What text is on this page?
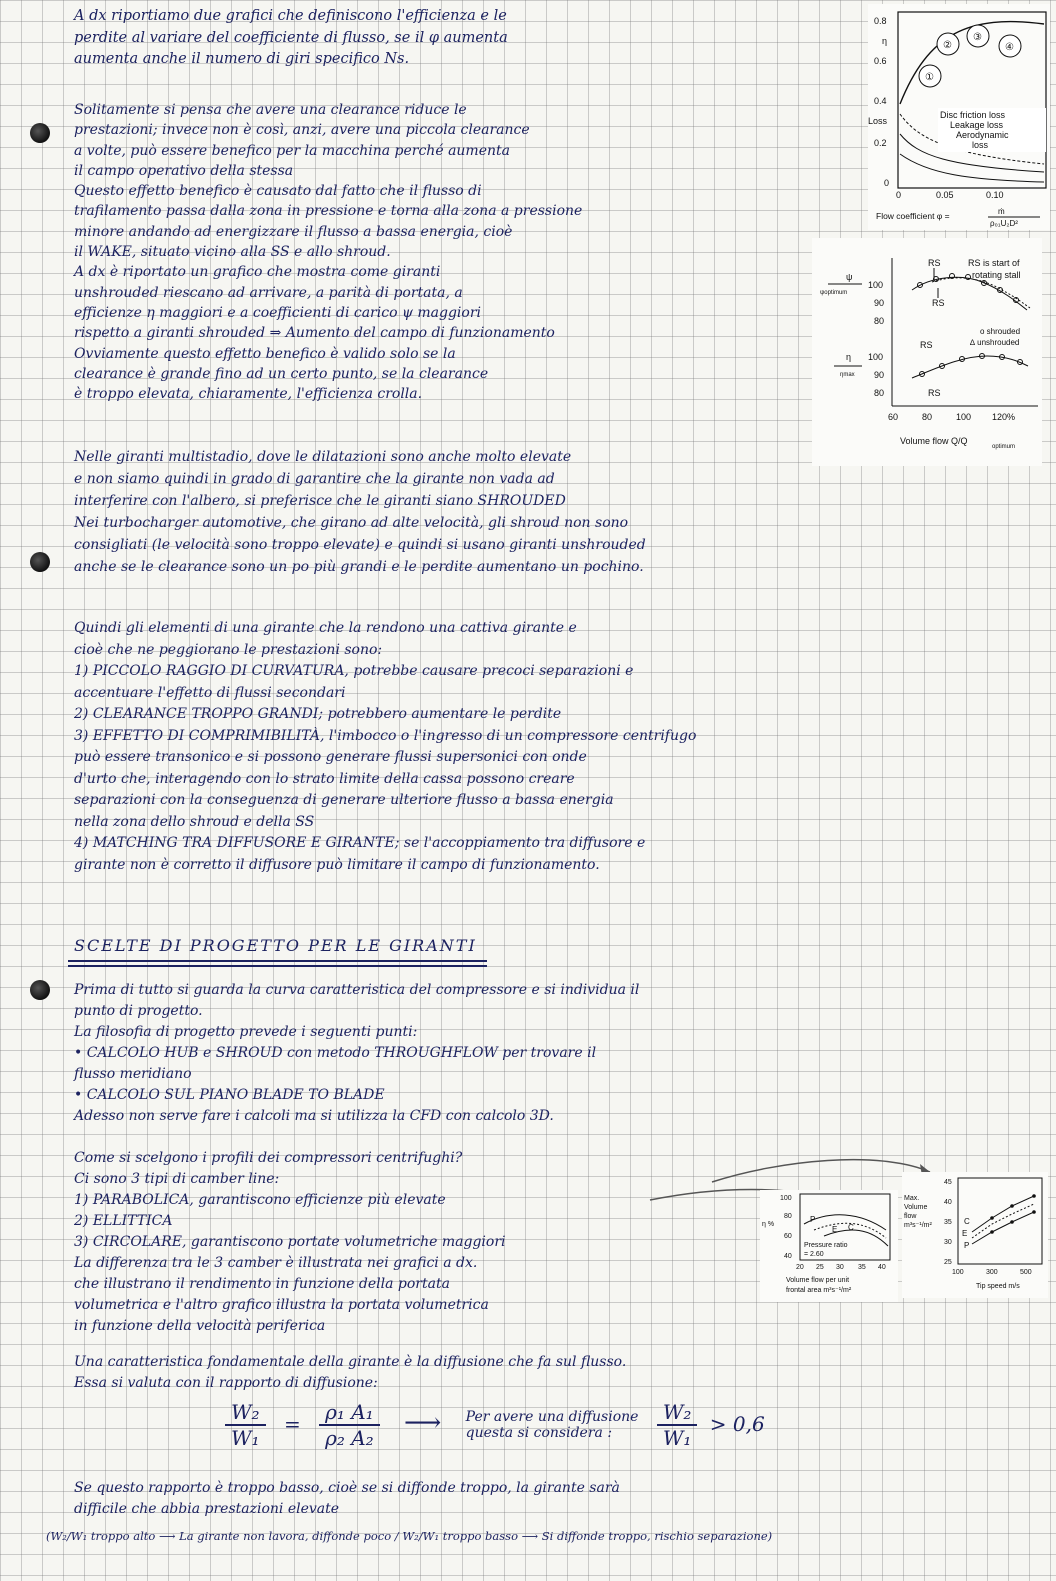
A dx riportiamo due grafici che definiscono l'efficienza e le

perdite al variare del coefficiente di flusso, se il φ aumenta

aumenta anche il numero di giri specifico Ns.

Solitamente si pensa che avere una clearance riduce le

prestazioni; invece non è così, anzi, avere una piccola clearance

a volte, può essere benefico per la macchina perché aumenta

il campo operativo della stessa

Questo effetto benefico è causato dal fatto che il flusso di

trafilamento passa dalla zona in pressione e torna alla zona a pressione

minore andando ad energizzare il flusso a bassa energia, cioè

il WAKE, situato vicino alla SS e allo shroud.

A dx è riportato un grafico che mostra come giranti

unshrouded riescano ad arrivare, a parità di portata, a

efficienze η maggiori e a coefficienti di carico ψ maggiori

rispetto a giranti shrouded ⇒ Aumento del campo di funzionamento

Ovviamente questo effetto benefico è valido solo se la

clearance è grande fino ad un certo punto, se la clearance

è troppo elevata, chiaramente, l'efficienza crolla.

Nelle giranti multistadio, dove le dilatazioni sono anche molto elevate

e non siamo quindi in grado di garantire che la girante non vada ad

interferire con l'albero, si preferisce che le giranti siano SHROUDED

Nei turbocharger automotive, che girano ad alte velocità, gli shroud non sono

consigliati (le velocità sono troppo elevate) e quindi si usano giranti unshrouded

anche se le clearance sono un po più grandi e le perdite aumentano un pochino.

Quindi gli elementi di una girante che la rendono una cattiva girante e

cioè che ne peggiorano le prestazioni sono:

1) PICCOLO RAGGIO DI CURVATURA, potrebbe causare precoci separazioni e

accentuare l'effetto di flussi secondari

2) CLEARANCE TROPPO GRANDI; potrebbero aumentare le perdite

3) EFFETTO DI COMPRIMIBILITÀ, l'imbocco o l'ingresso di un compressore centrifugo

può essere transonico e si possono generare flussi supersonici con onde

d'urto che, interagendo con lo strato limite della cassa possono creare

separazioni con la conseguenza di generare ulteriore flusso a bassa energia

nella zona dello shroud e della SS

4) MATCHING TRA DIFFUSORE E GIRANTE; se l'accoppiamento tra diffusore e

girante non è corretto il diffusore può limitare il campo di funzionamento.

SCELTE DI PROGETTO PER LE GIRANTI

Prima di tutto si guarda la curva caratteristica del compressore e si individua il

punto di progetto.

La filosofia di progetto prevede i seguenti punti:

• CALCOLO HUB e SHROUD con metodo THROUGHFLOW per trovare il

flusso meridiano

• CALCOLO SUL PIANO BLADE TO BLADE

Adesso non serve fare i calcoli ma si utilizza la CFD con calcolo 3D.

Come si scelgono i profili dei compressori centrifughi?

Ci sono 3 tipi di camber line:

1) PARABOLICA, garantiscono efficienze più elevate

2) ELLITTICA

3) CIRCOLARE, garantiscono portate volumetriche maggiori

La differenza tra le 3 camber è illustrata nei grafici a dx.

che illustrano il rendimento in funzione della portata

volumetrica e l'altro grafico illustra la portata volumetrica

in funzione della velocità periferica

Una caratteristica fondamentale della girante è la diffusione che fa sul flusso.

Essa si valuta con il rapporto di diffusione:

$\frac{\text{W₂}}{\text{W₁}} = \frac{\text{ρ₁ A₁}}{\text{ρ₂ A₂}}$ ⟶ Per avere una diffusione
questa si considera :
	$\frac{\text{W₂}}{\text{W₁}} > 0,6$

Se questo rapporto è troppo basso, cioè se si diffonde troppo, la girante sarà

difficile che abbia prestazioni elevate

(W₂/W₁ troppo alto ⟶ La girante non lavora, diffonde poco / W₂/W₁ troppo basso ⟶ Si diffonde troppo, rischio separazione)

0.8
η
0.6
0.4
Loss
0.2
0
0	0.05	0.10
①
②
③
④
Disc friction loss
Leakage loss
Aerodynamic
loss
Flow coefficient φ =	ṁ
ρ₀₁U₂D²
ψ
ψoptimum
η
ηmax
100
90
80
100
90
80
RS
RS
RS
RS
RS is start of
rotating stall
o shrouded
∆ unshrouded
60	80	100 120%
Volume flow Q/Q
optimum
100
80
η %
60
40
P
E C
Pressure ratio
= 2.60
20 25 30 35 40
Volume flow per unit
frontal area m³s⁻¹/m²
45
40
35
30
25
Max.
Volume
flow
m³s⁻¹/m²	C
E
P
100	300	500
Tip speed m/s
